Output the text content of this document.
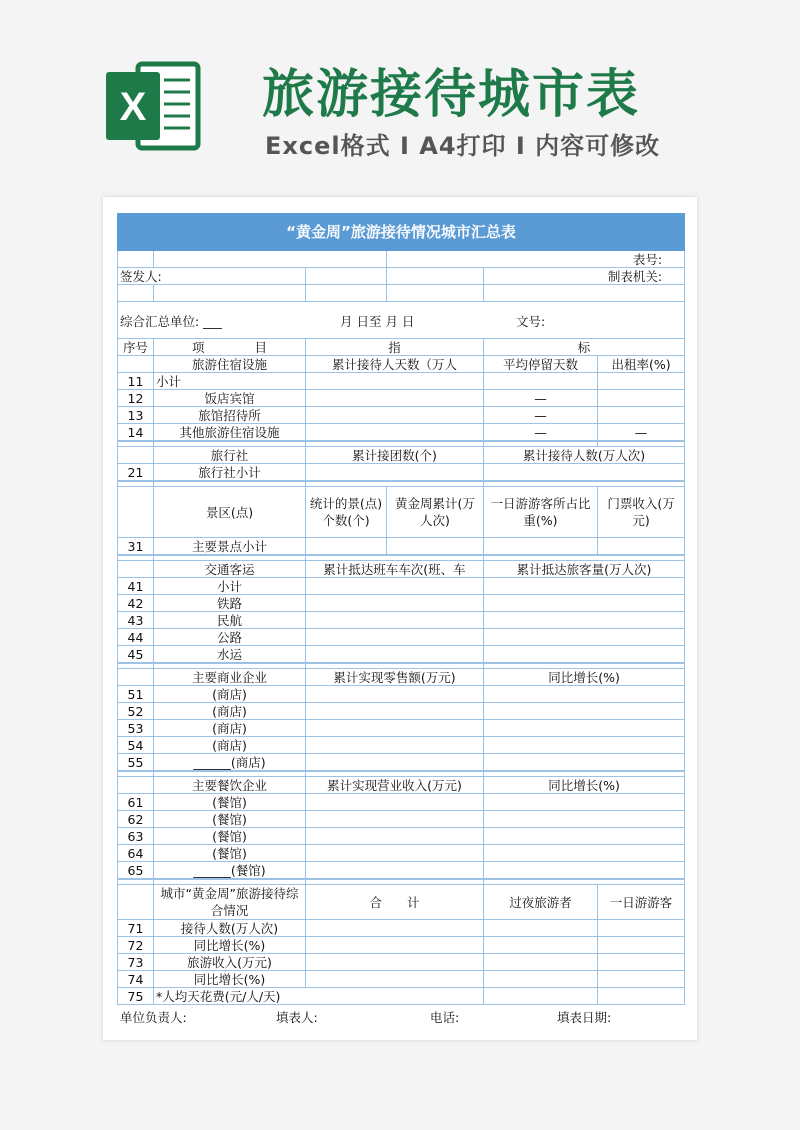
X 旅游接待城市表
Excel格式 I A4打印 I 内容可修改
“黄金周”旅游接待情况城市汇总表					
			表号:		
签发人:				制表机关:	

综合汇总单位: ___ 月 日至 月 日 文号:					

序号	项　　　　目	指		标	
	旅游住宿设施	累计接待人天数（万人		平均停留天数	出租率(%)
11	小计				
12	饭店宾馆			—	
13	旅馆招待所			—	
14	其他旅游住宿设施			—	—

	旅行社	累计接团数(个)		累计接待人数(万人次)	
21	旅行社小计				

	景区(点)	统计的景(点)个数(个)	黄金周累计(万人次)	一日游游客所占比重(%)	门票收入(万元)
31	主要景点小计				

	交通客运	累计抵达班车车次(班、车		累计抵达旅客量(万人次)	
41	小计				
42	铁路				
43	民航				
44	公路				
45	水运				

	主要商业企业	累计实现零售额(万元)		同比增长(%)	
51	(商店)				
52	(商店)				
53	(商店)				
54	(商店)				
55	______(商店)				

	主要餐饮企业	累计实现营业收入(万元)		同比增长(%)	
61	(餐馆)				
62	(餐馆)				
63	(餐馆)				
64	(餐馆)				
65	______(餐馆)				

	城市“黄金周”旅游接待综合情况	合　　计		过夜旅游者	一日游游客
71	接待人数(万人次)				
72	同比增长(%)				
73	旅游收入(万元)				
74	同比增长(%)				
75	*人均天花费(元/人/天)				
单位负责人:	填表人:	电话:	填表日期:
